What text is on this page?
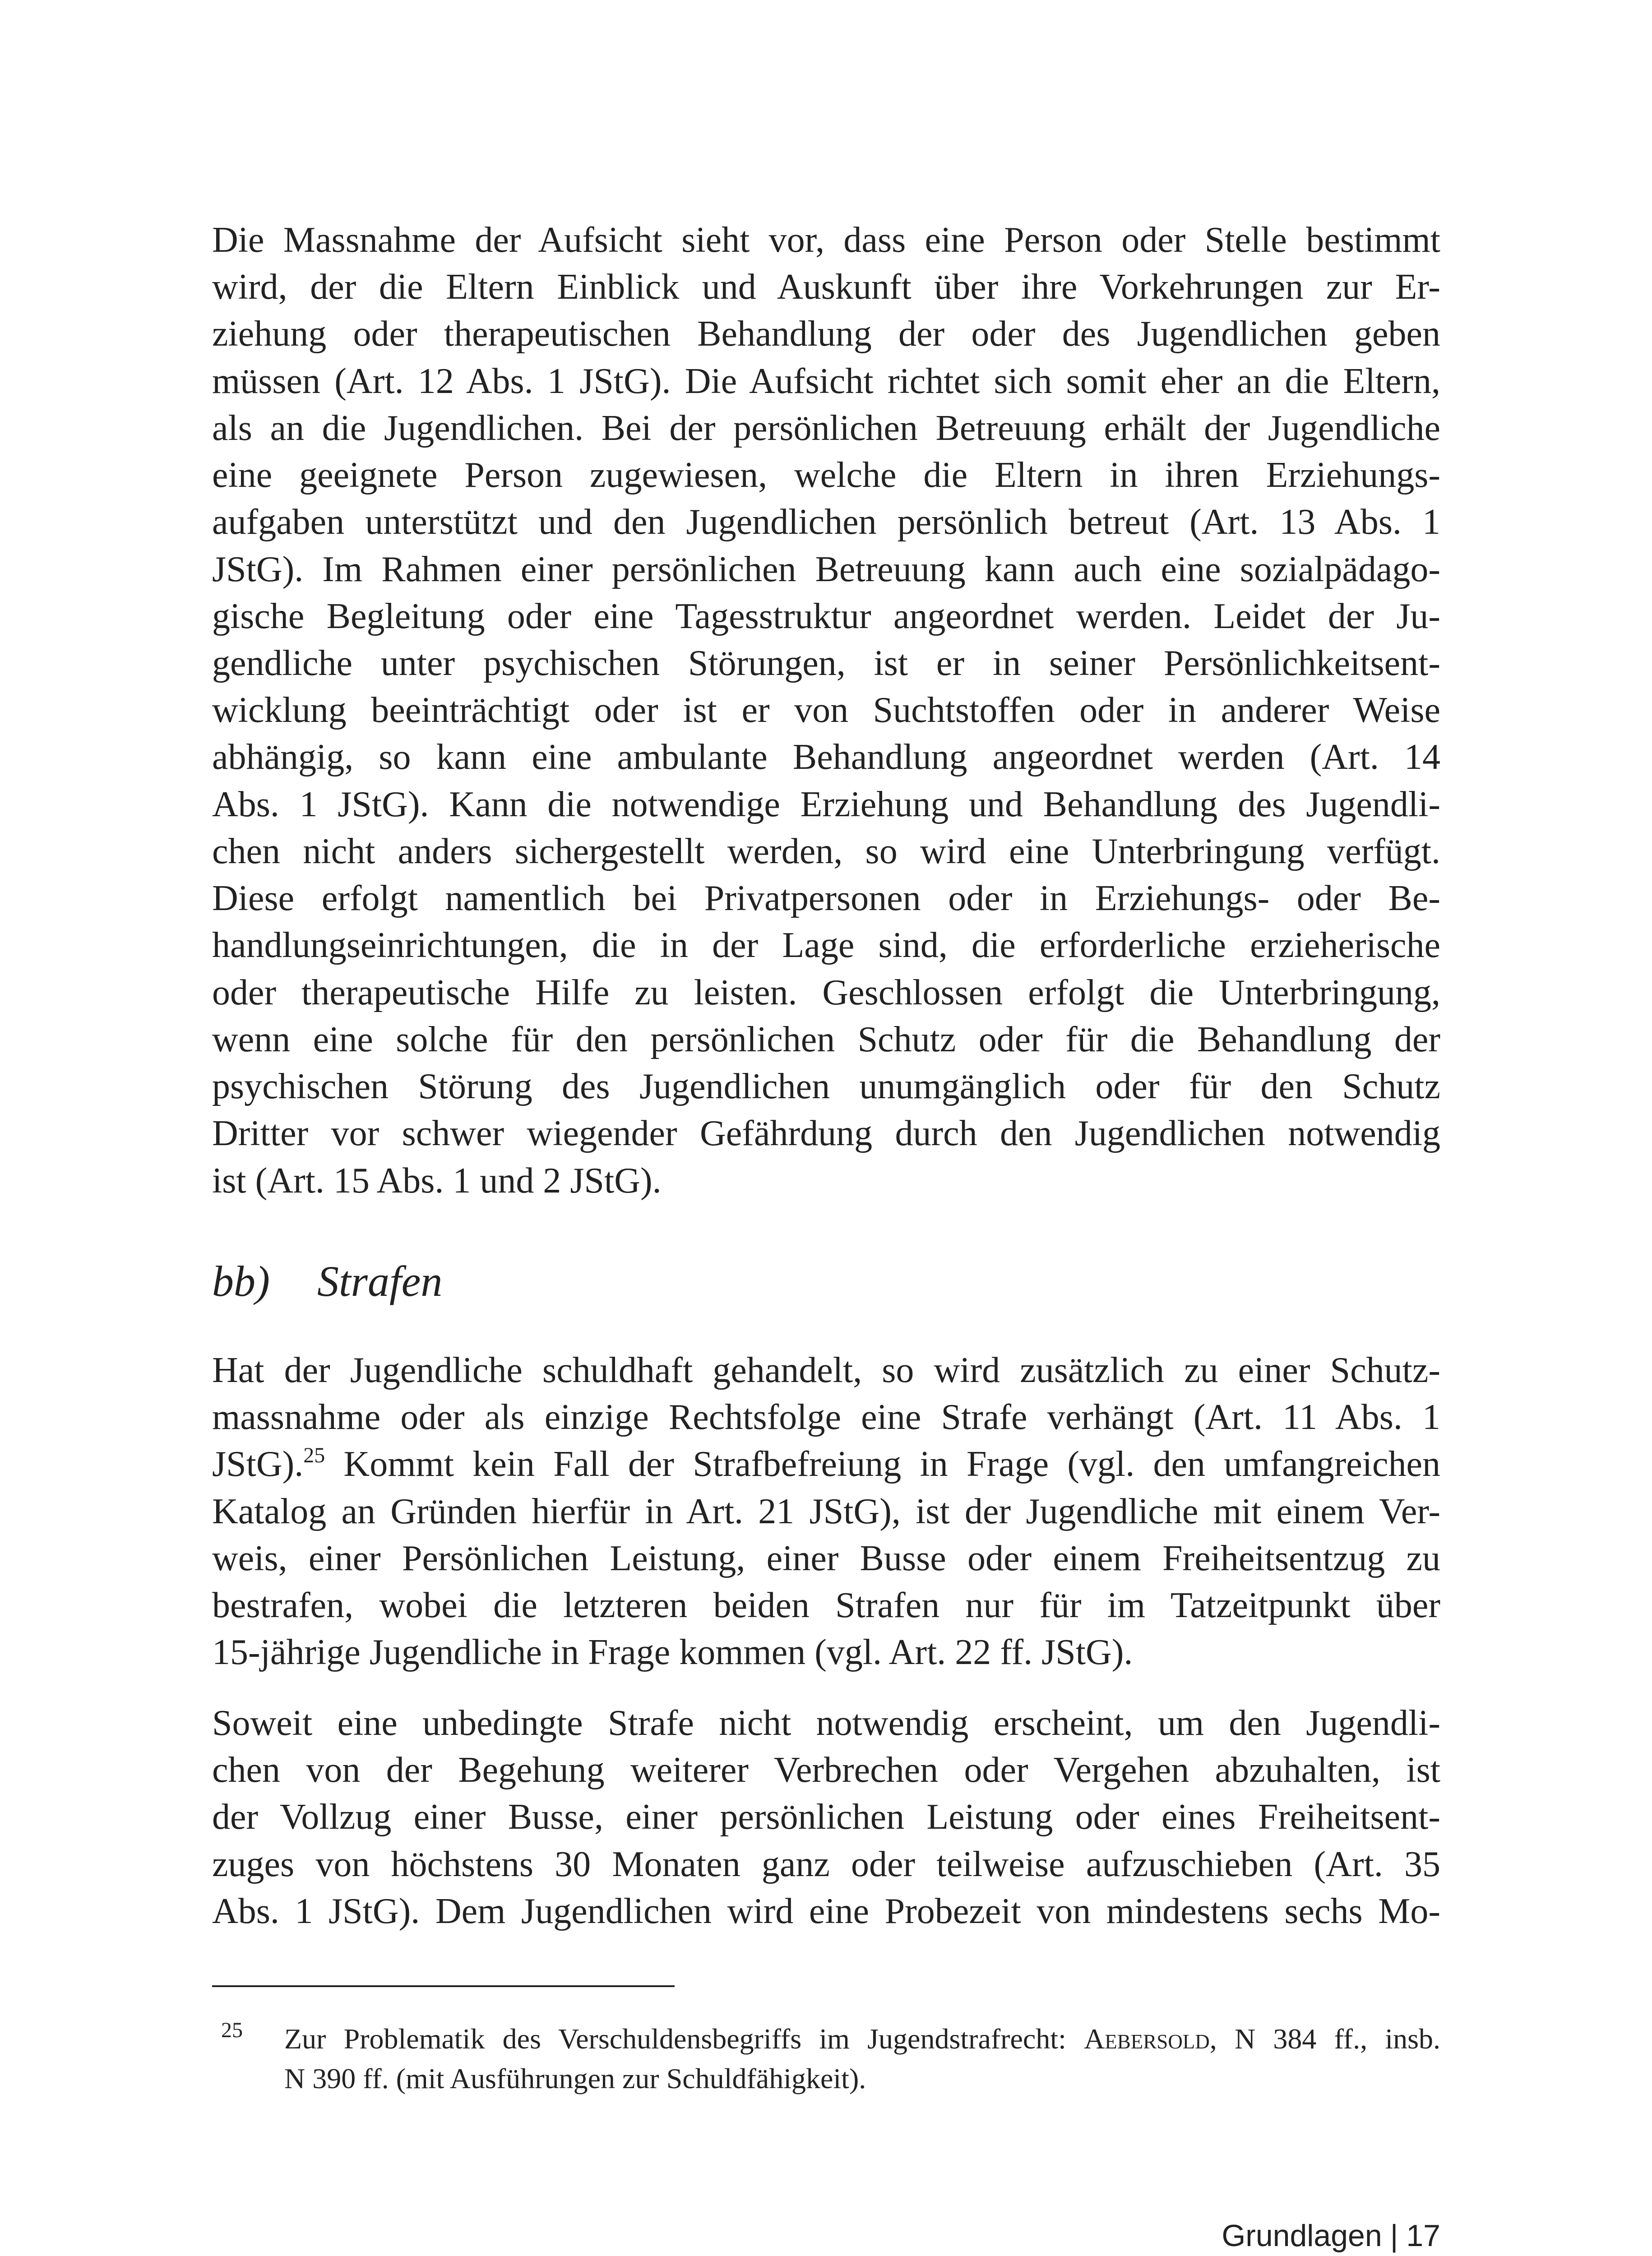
Die Massnahme der Aufsicht sieht vor, dass eine Person oder Stelle bestimmt
wird, der die Eltern Einblick und Auskunft über ihre Vorkehrungen zur Er-
ziehung oder therapeutischen Behandlung der oder des Jugendlichen geben
müssen (Art. 12 Abs. 1 JStG). Die Aufsicht richtet sich somit eher an die Eltern,
als an die Jugendlichen. Bei der persönlichen Betreuung erhält der Jugendliche
eine geeignete Person zugewiesen, welche die Eltern in ihren Erziehungs-
aufgaben unterstützt und den Jugendlichen persönlich betreut (Art. 13 Abs. 1
JStG). Im Rahmen einer persönlichen Betreuung kann auch eine sozialpädago-
gische Begleitung oder eine Tagesstruktur angeordnet werden. Leidet der Ju-
gendliche unter psychischen Störungen, ist er in seiner Persönlichkeitsent-
wicklung beeinträchtigt oder ist er von Suchtstoffen oder in anderer Weise
abhängig, so kann eine ambulante Behandlung angeordnet werden (Art. 14
Abs. 1 JStG). Kann die notwendige Erziehung und Behandlung des Jugendli-
chen nicht anders sichergestellt werden, so wird eine Unterbringung verfügt.
Diese erfolgt namentlich bei Privatpersonen oder in Erziehungs- oder Be-
handlungseinrichtungen, die in der Lage sind, die erforderliche erzieherische
oder therapeutische Hilfe zu leisten. Geschlossen erfolgt die Unterbringung,
wenn eine solche für den persönlichen Schutz oder für die Behandlung der
psychischen Störung des Jugendlichen unumgänglich oder für den Schutz
Dritter vor schwer wiegender Gefährdung durch den Jugendlichen notwendig
ist (Art. 15 Abs. 1 und 2 JStG).
bb) Strafen
Hat der Jugendliche schuldhaft gehandelt, so wird zusätzlich zu einer Schutz-
massnahme oder als einzige Rechtsfolge eine Strafe verhängt (Art. 11 Abs. 1
JStG).$^{25}$ Kommt kein Fall der Strafbefreiung in Frage (vgl. den umfangreichen
Katalog an Gründen hierfür in Art. 21 JStG), ist der Jugendliche mit einem Ver-
weis, einer Persönlichen Leistung, einer Busse oder einem Freiheitsentzug zu
bestrafen, wobei die letzteren beiden Strafen nur für im Tatzeitpunkt über
15-jährige Jugendliche in Frage kommen (vgl. Art. 22 ff. JStG).
Soweit eine unbedingte Strafe nicht notwendig erscheint, um den Jugendli-
chen von der Begehung weiterer Verbrechen oder Vergehen abzuhalten, ist
der Vollzug einer Busse, einer persönlichen Leistung oder eines Freiheitsent-
zuges von höchstens 30 Monaten ganz oder teilweise aufzuschieben (Art. 35
Abs. 1 JStG). Dem Jugendlichen wird eine Probezeit von mindestens sechs Mo-
25 Zur Problematik des Verschuldensbegriffs im Jugendstrafrecht: Aebersold, N 384 ff., insb.
N 390 ff. (mit Ausführungen zur Schuldfähigkeit).
Grundlagen | 17
